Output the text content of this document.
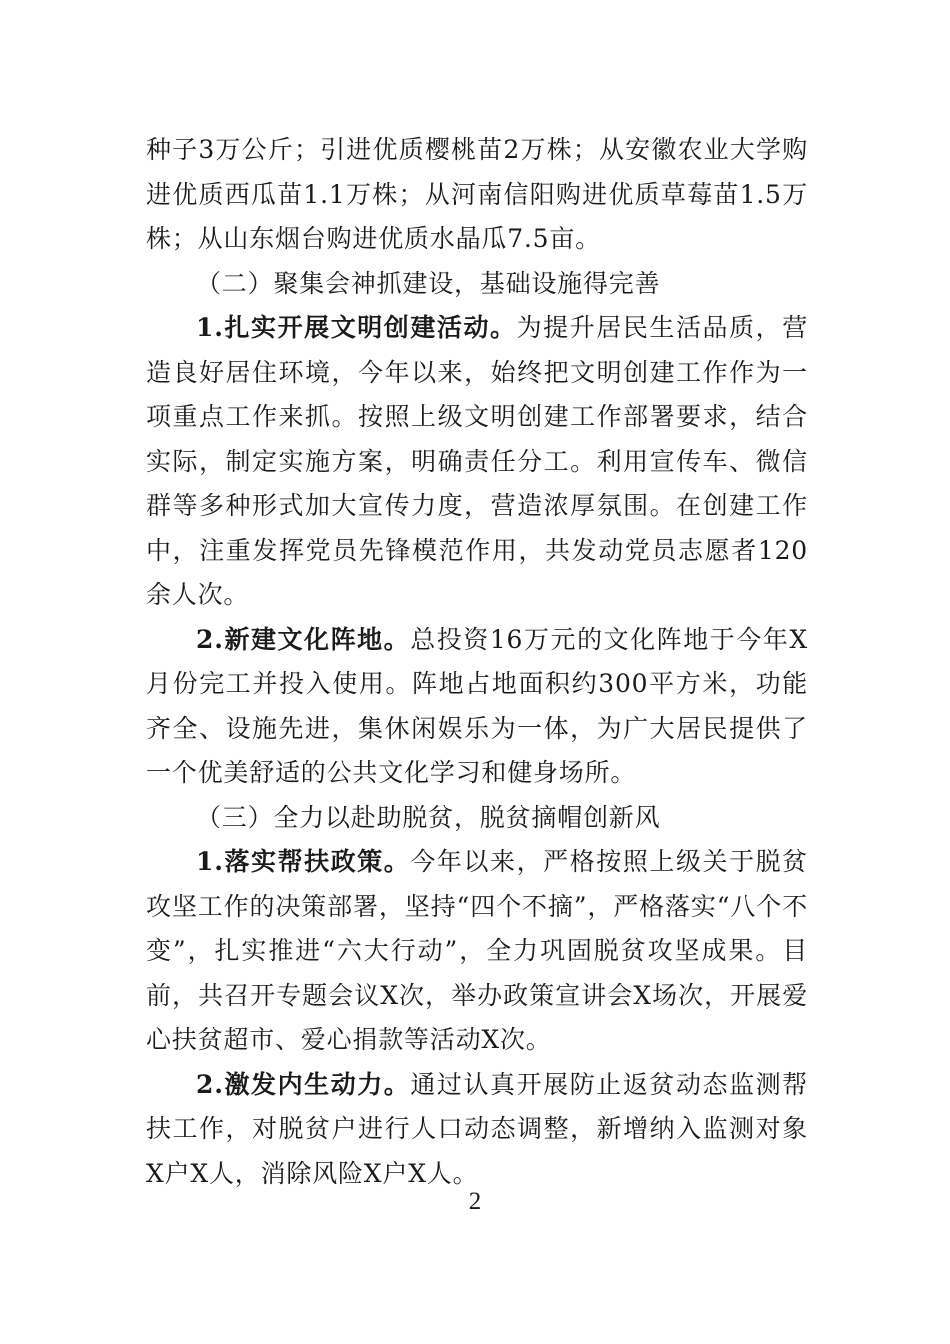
种子3万公斤；引进优质樱桃苗2万株；从安徽农业大学购进优质西瓜苗1.1万株；从河南信阳购进优质草莓苗1.5万株；从山东烟台购进优质水晶瓜7.5亩。

（二）聚集会神抓建设，基础设施得完善

1.扎实开展文明创建活动。为提升居民生活品质，营造良好居住环境，今年以来，始终把文明创建工作作为一项重点工作来抓。按照上级文明创建工作部署要求，结合实际，制定实施方案，明确责任分工。利用宣传车、微信群等多种形式加大宣传力度，营造浓厚氛围。在创建工作中，注重发挥党员先锋模范作用，共发动党员志愿者120余人次。

2.新建文化阵地。总投资16万元的文化阵地于今年X月份完工并投入使用。阵地占地面积约300平方米，功能齐全、设施先进，集休闲娱乐为一体，为广大居民提供了一个优美舒适的公共文化学习和健身场所。

（三）全力以赴助脱贫，脱贫摘帽创新风

1.落实帮扶政策。今年以来，严格按照上级关于脱贫攻坚工作的决策部署，坚持“四个不摘”，严格落实“八个不变”，扎实推进“六大行动”，全力巩固脱贫攻坚成果。目前，共召开专题会议X次，举办政策宣讲会X场次，开展爱心扶贫超市、爱心捐款等活动X次。

2.激发内生动力。通过认真开展防止返贫动态监测帮扶工作，对脱贫户进行人口动态调整，新增纳入监测对象X户X人，消除风险X户X人。

2
